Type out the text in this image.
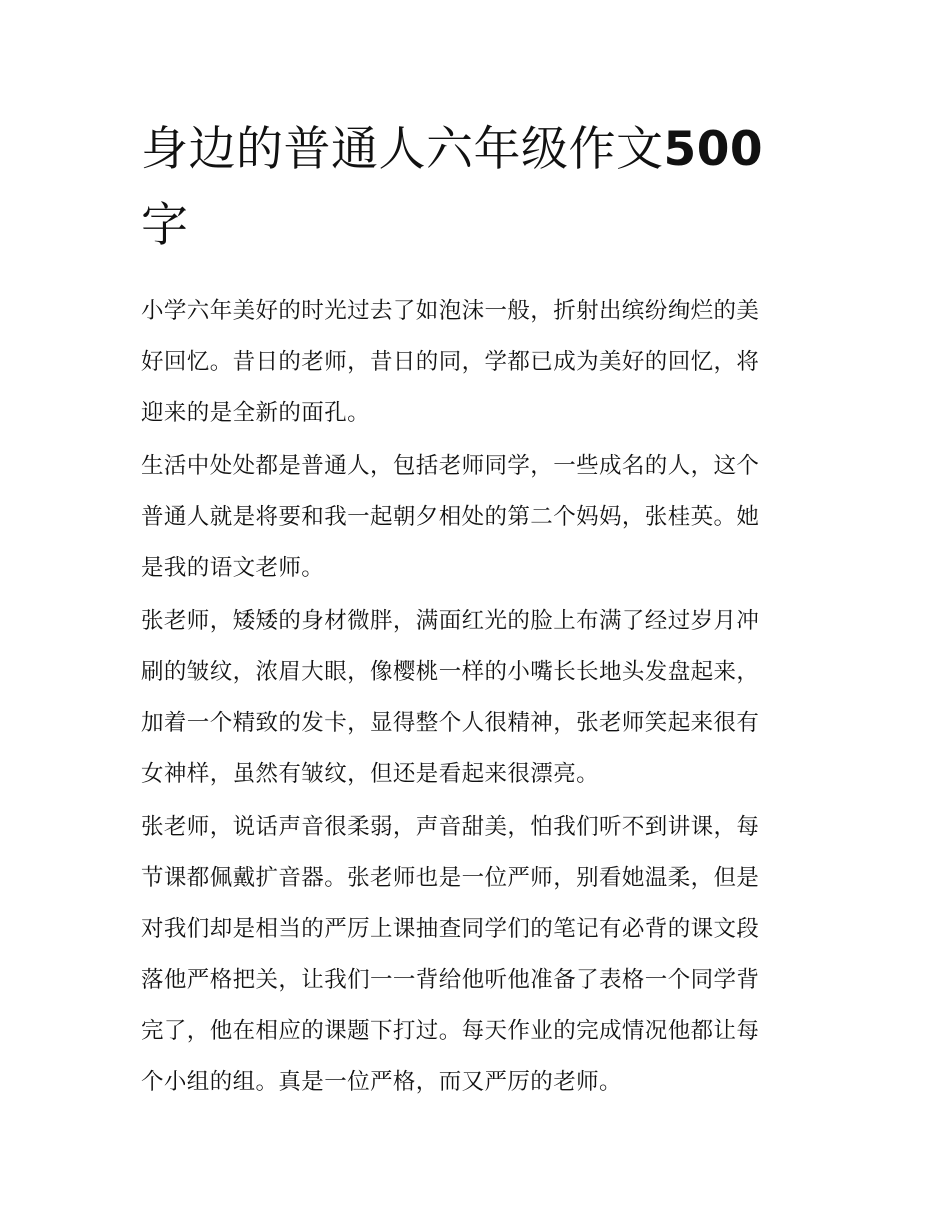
身边的普通人六年级作文500
字

小学六年美好的时光过去了如泡沫一般，折射出缤纷绚烂的美
好回忆。昔日的老师，昔日的同，学都已成为美好的回忆，将
迎来的是全新的面孔。

生活中处处都是普通人，包括老师同学，一些成名的人，这个
普通人就是将要和我一起朝夕相处的第二个妈妈，张桂英。她
是我的语文老师。

张老师，矮矮的身材微胖，满面红光的脸上布满了经过岁月冲
刷的皱纹，浓眉大眼，像樱桃一样的小嘴长长地头发盘起来，
加着一个精致的发卡，显得整个人很精神，张老师笑起来很有
女神样，虽然有皱纹，但还是看起来很漂亮。

张老师，说话声音很柔弱，声音甜美，怕我们听不到讲课，每
节课都佩戴扩音器。张老师也是一位严师，别看她温柔，但是
对我们却是相当的严厉上课抽查同学们的笔记有必背的课文段
落他严格把关，让我们一一背给他听他准备了表格一个同学背
完了，他在相应的课题下打过。每天作业的完成情况他都让每
个小组的组。真是一位严格，而又严厉的老师。
